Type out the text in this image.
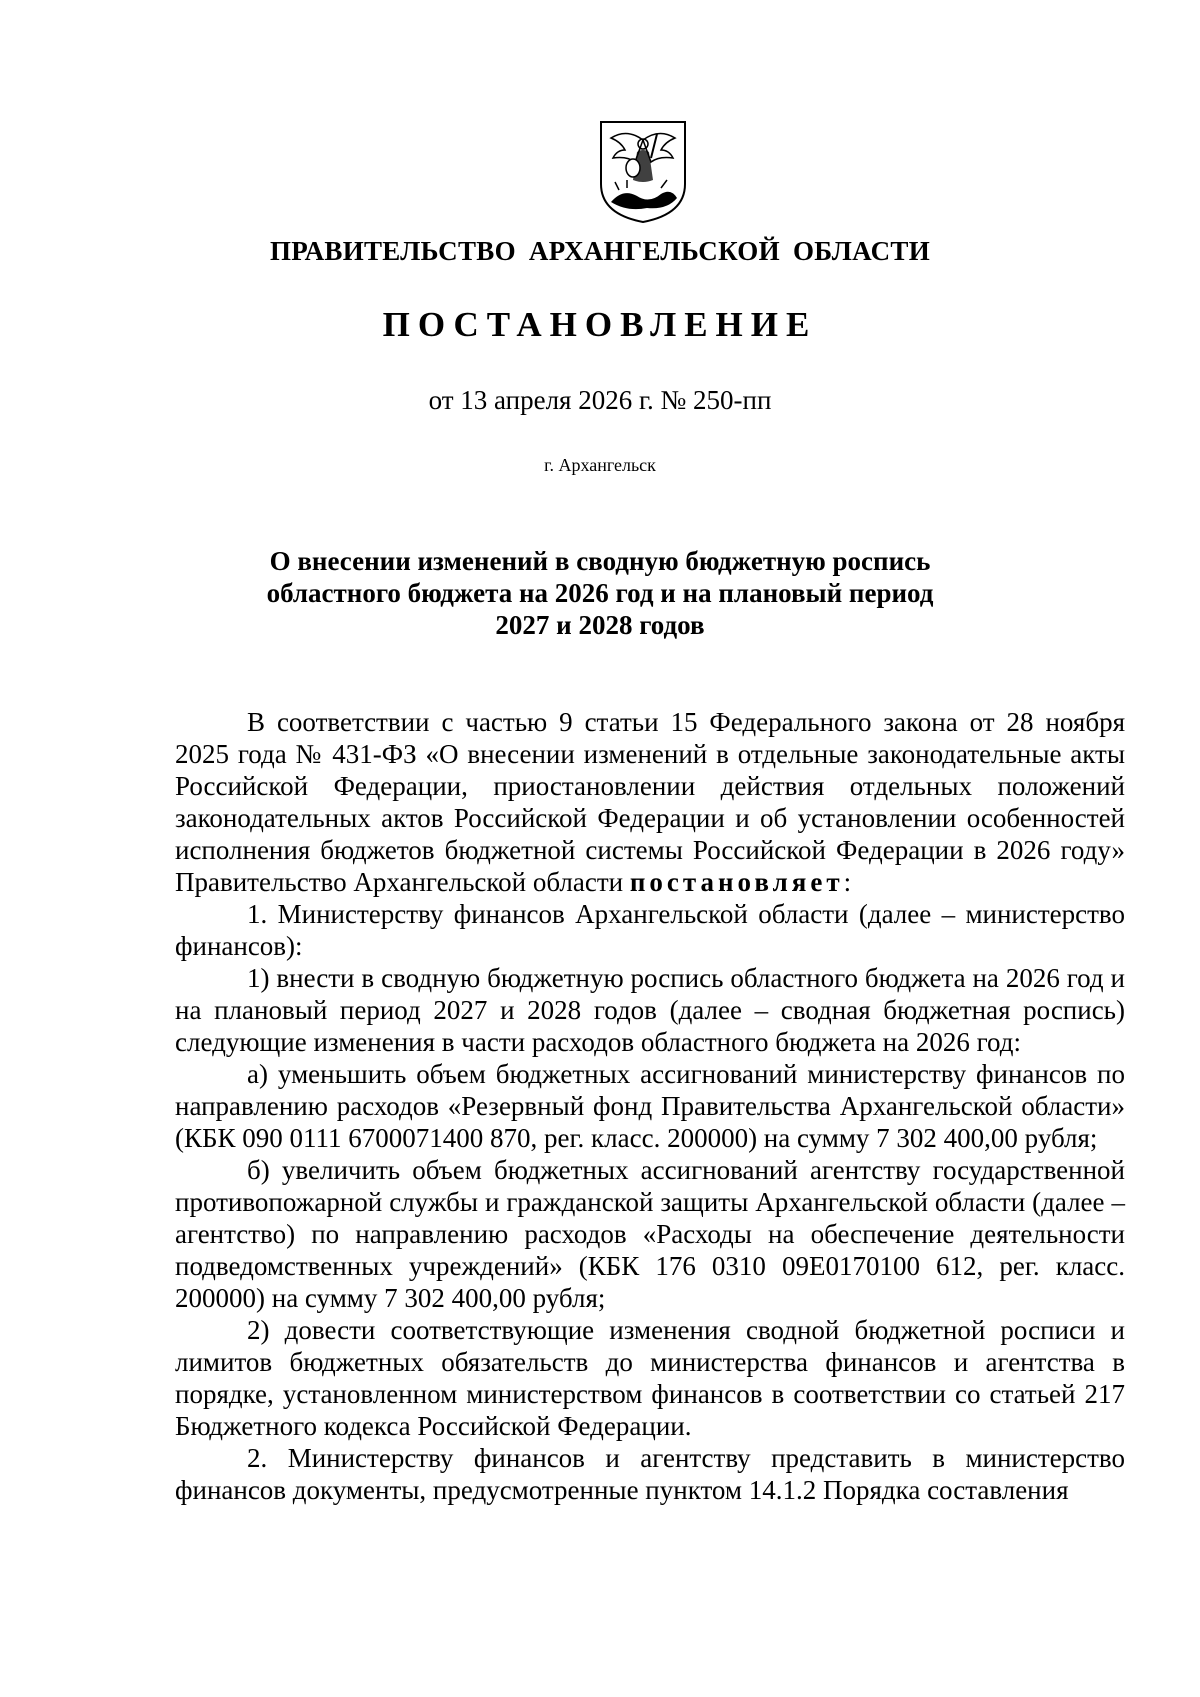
ПРАВИТЕЛЬСТВО АРХАНГЕЛЬСКОЙ ОБЛАСТИ
ПОСТАНОВЛЕНИЕ
от 13 апреля 2026 г. № 250-пп
г. Архангельск
О внесении изменений в сводную бюджетную роспись
областного бюджета на 2026 год и на плановый период
2027 и 2028 годов

В соответствии с частью 9 статьи 15 Федерального закона от 28 ноября 2025 года № 431-ФЗ «О внесении изменений в отдельные законодательные акты Российской Федерации, приостановлении действия отдельных положений законодательных актов Российской Федерации и об установлении особенностей исполнения бюджетов бюджетной системы Российской Федерации в 2026 году» Правительство Архангельской области постановляет:

1. Министерству финансов Архангельской области (далее – министерство финансов):

1) внести в сводную бюджетную роспись областного бюджета на 2026 год и на плановый период 2027 и 2028 годов (далее – сводная бюджетная роспись) следующие изменения в части расходов областного бюджета на 2026 год:

а) уменьшить объем бюджетных ассигнований министерству финансов по направлению расходов «Резервный фонд Правительства Архангельской области» (КБК 090 0111 6700071400 870, рег. класс. 200000) на сумму 7 302 400,00 рубля;

б) увеличить объем бюджетных ассигнований агентству государственной противопожарной службы и гражданской защиты Архангельской области (далее – агентство) по направлению расходов «Расходы на обеспечение деятельности подведомственных учреждений» (КБК 176 0310 09Е0170100 612, рег. класс. 200000) на сумму 7 302 400,00 рубля;

2) довести соответствующие изменения сводной бюджетной росписи и лимитов бюджетных обязательств до министерства финансов и агентства в порядке, установленном министерством финансов в соответствии со статьей 217 Бюджетного кодекса Российской Федерации.

2. Министерству финансов и агентству представить в министерство финансов документы, предусмотренные пунктом 14.1.2 Порядка составления
